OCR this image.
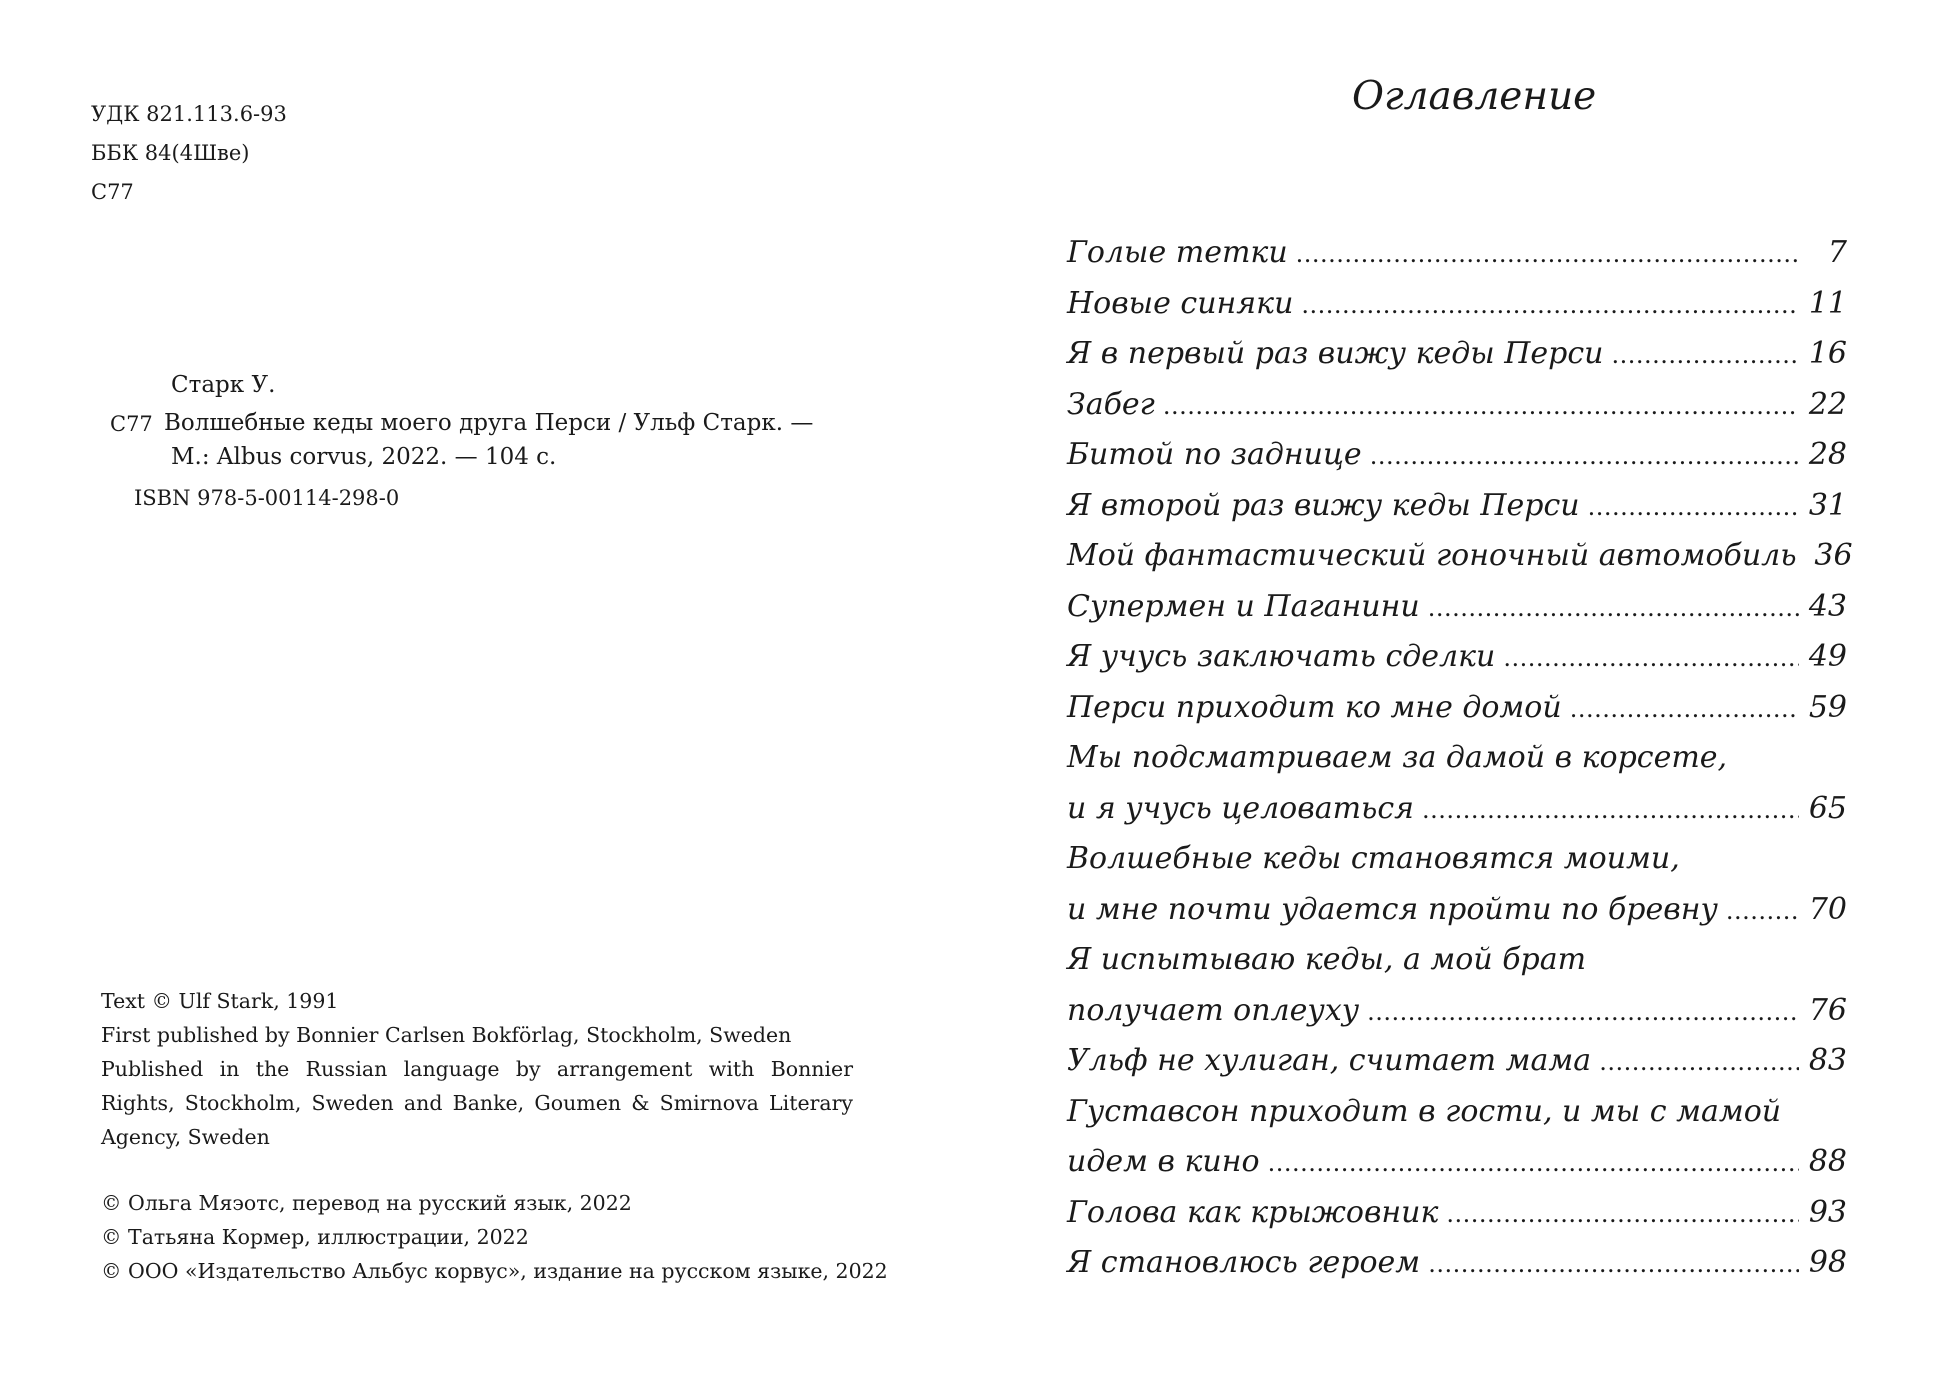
УДК 821.113.6-93
ББК 84(4Шве)
С77
Старк У.
С77 Волшебные кеды моего друга Перси / Ульф Старк. —
М.: Albus corvus, 2022. — 104 с.
ISBN 978-5-00114-298-0

Text © Ulf Stark, 1991

First published by Bonnier Carlsen Bokförlag, Stockholm, Sweden

Published in the Russian language by arrangement with Bonnier Rights, Stockholm, Sweden and Banke, Goumen & Smirnova Literary Agency, Sweden

© Ольга Мяэотс, перевод на русский язык, 2022

© Татьяна Кормер, иллюстрации, 2022

© ООО «Издательство Альбус корвус», издание на русском языке, 2022

Оглавление
Голые тетки .....	7
Новые синяки .....	11
Я в первый раз вижу кеды Перси .....	16
Забег .....	22
Битой по заднице .....	28
Я второй раз вижу кеды Перси .....	31
Мой фантастический гоночный автомобиль 36
Супермен и Паганини .....	43
Я учусь заключать сделки .....	49
Перси приходит ко мне домой .....	59
Мы подсматриваем за дамой в корсете,
и я учусь целоваться .....	65
Волшебные кеды становятся моими,
и мне почти удается пройти по бревну .....	70
Я испытываю кеды, а мой брат
получает оплеуху .....	76
Ульф не хулиган, считает мама .....	83
Густавсон приходит в гости, и мы с мамой
идем в кино .....	88
Голова как крыжовник .....	93
Я становлюсь героем .....	98
